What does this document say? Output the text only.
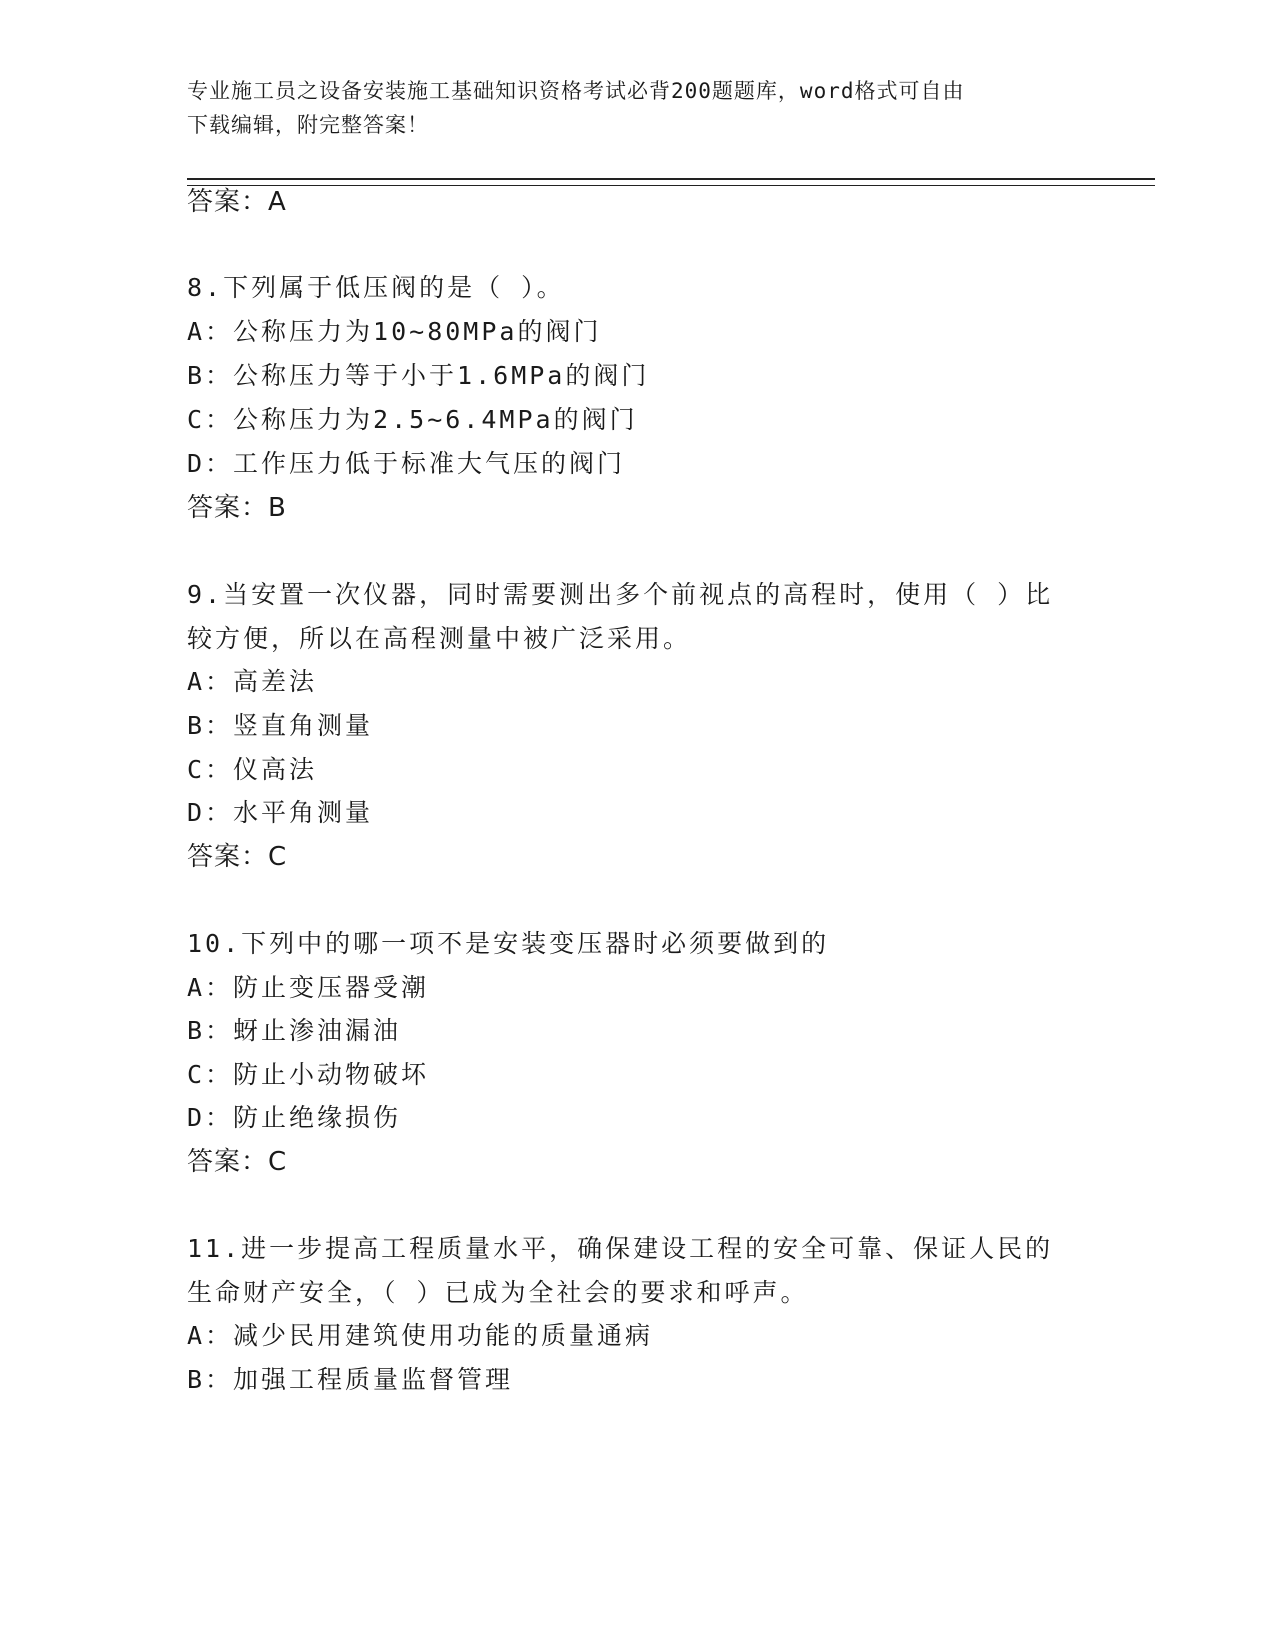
专业施工员之设备安装施工基础知识资格考试必背200题题库，word格式可自由
下载编辑，附完整答案！
答案：A
8.下列属于低压阀的是（ ）。
A：公称压力为10~80MPa的阀门
B：公称压力等于小于1.6MPa的阀门
C：公称压力为2.5~6.4MPa的阀门
D：工作压力低于标准大气压的阀门
答案：B
9.当安置一次仪器，同时需要测出多个前视点的高程时，使用（ ）比
较方便，所以在高程测量中被广泛采用。
A：高差法
B：竖直角测量
C：仪高法
D：水平角测量
答案：C
10.下列中的哪一项不是安装变压器时必须要做到的
A：防止变压器受潮
B：蚜止渗油漏油
C：防止小动物破坏
D：防止绝缘损伤
答案：C
11.进一步提高工程质量水平，确保建设工程的安全可靠、保证人民的
生命财产安全，（ ）已成为全社会的要求和呼声。
A：减少民用建筑使用功能的质量通病
B：加强工程质量监督管理
